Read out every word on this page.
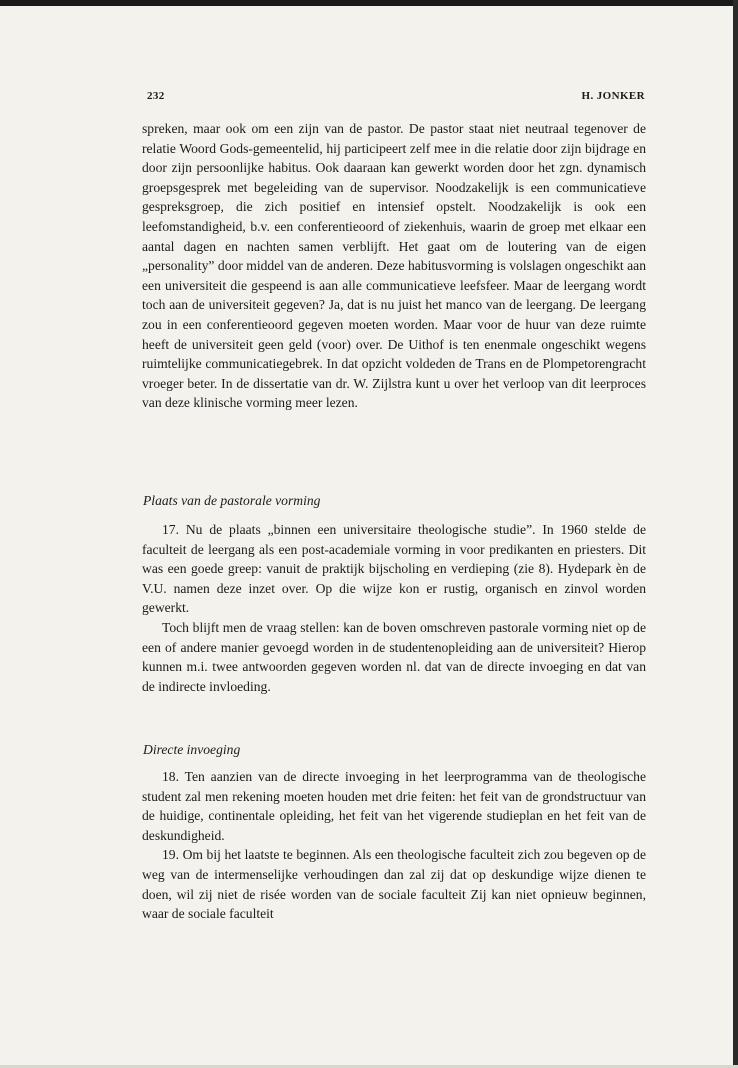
232	H. JONKER

spreken, maar ook om een zijn van de pastor. De pastor staat niet neutraal tegenover de relatie Woord Gods-gemeentelid, hij participeert zelf mee in die relatie door zijn bijdrage en door zijn persoonlijke habitus. Ook daaraan kan gewerkt worden door het zgn. dynamisch groepsgesprek met begeleiding van de supervisor. Noodzakelijk is een communicatieve gespreksgroep, die zich positief en intensief opstelt. Noodzakelijk is ook een leefomstandigheid, b.v. een conferentieoord of ziekenhuis, waarin de groep met elkaar een aantal dagen en nachten samen verblijft. Het gaat om de loutering van de eigen „personality” door middel van de anderen. Deze habitusvorming is volslagen ongeschikt aan een universiteit die gespeend is aan alle communicatieve leefsfeer. Maar de leergang wordt toch aan de universiteit gegeven? Ja, dat is nu juist het manco van de leergang. De leergang zou in een conferentieoord gegeven moeten worden. Maar voor de huur van deze ruimte heeft de universiteit geen geld (voor) over. De Uithof is ten enenmale ongeschikt wegens ruimtelijke communicatiegebrek. In dat opzicht voldeden de Trans en de Plompetorengracht vroeger beter. In de dissertatie van dr. W. Zijlstra kunt u over het verloop van dit leerproces van deze klinische vorming meer lezen.

Plaats van de pastorale vorming

17. Nu de plaats „binnen een universitaire theologische studie”. In 1960 stelde de faculteit de leergang als een post-academiale vorming in voor predikanten en priesters. Dit was een goede greep: vanuit de praktijk bijscholing en verdieping (zie 8). Hydepark èn de V.U. namen deze inzet over. Op die wijze kon er rustig, organisch en zinvol worden gewerkt.

Toch blijft men de vraag stellen: kan de boven omschreven pastorale vorming niet op de een of andere manier gevoegd worden in de studentenopleiding aan de universiteit? Hierop kunnen m.i. twee antwoorden gegeven worden nl. dat van de directe invoeging en dat van de indirecte invloeding.

Directe invoeging

18. Ten aanzien van de directe invoeging in het leerprogramma van de theologische student zal men rekening moeten houden met drie feiten: het feit van de grondstructuur van de huidige, continentale opleiding, het feit van het vigerende studieplan en het feit van de deskundigheid.

19. Om bij het laatste te beginnen. Als een theologische faculteit zich zou begeven op de weg van de intermenselijke verhoudingen dan zal zij dat op deskundige wijze dienen te doen, wil zij niet de risée worden van de sociale faculteit Zij kan niet opnieuw beginnen, waar de sociale faculteit
